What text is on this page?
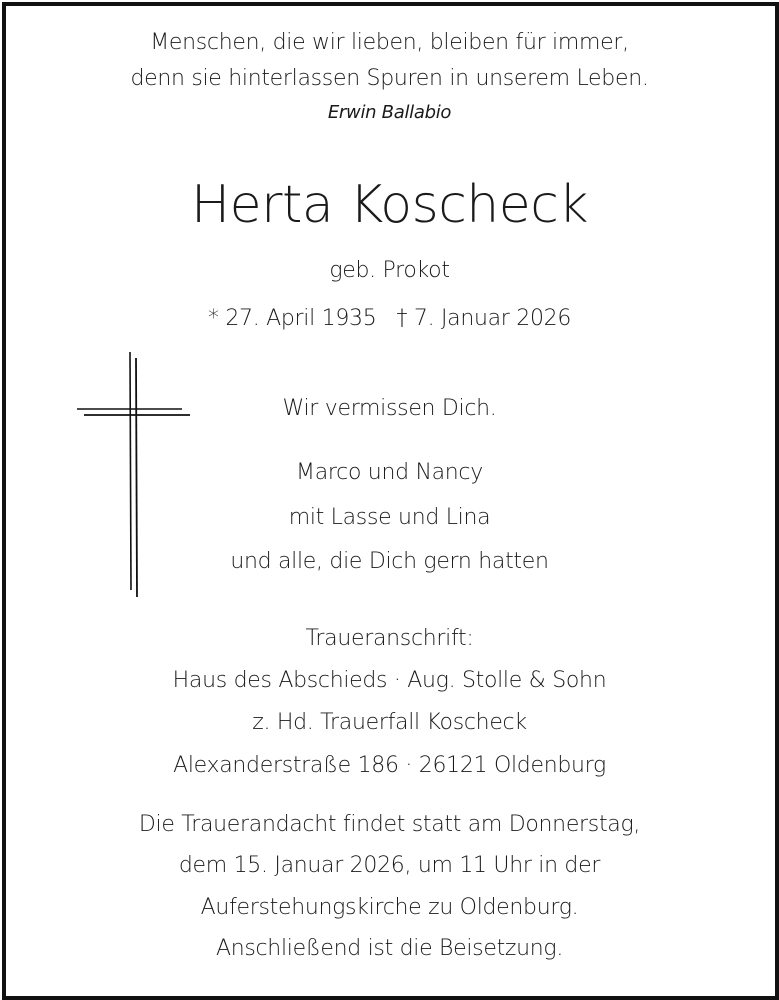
Menschen, die wir lieben, bleiben für immer,
denn sie hinterlassen Spuren in unserem Leben.
Erwin Ballabio
Herta Koscheck
geb. Prokot
* 27. April 1935   † 7. Januar 2026
Wir vermissen Dich.
Marco und Nancy
mit Lasse und Lina
und alle, die Dich gern hatten
Traueranschrift:
Haus des Abschieds · Aug. Stolle & Sohn
z. Hd. Trauerfall Koscheck
Alexanderstraße 186 · 26121 Oldenburg
Die Trauerandacht findet statt am Donnerstag,
dem 15. Januar 2026, um 11 Uhr in der
Auferstehungskirche zu Oldenburg.
Anschließend ist die Beisetzung.
